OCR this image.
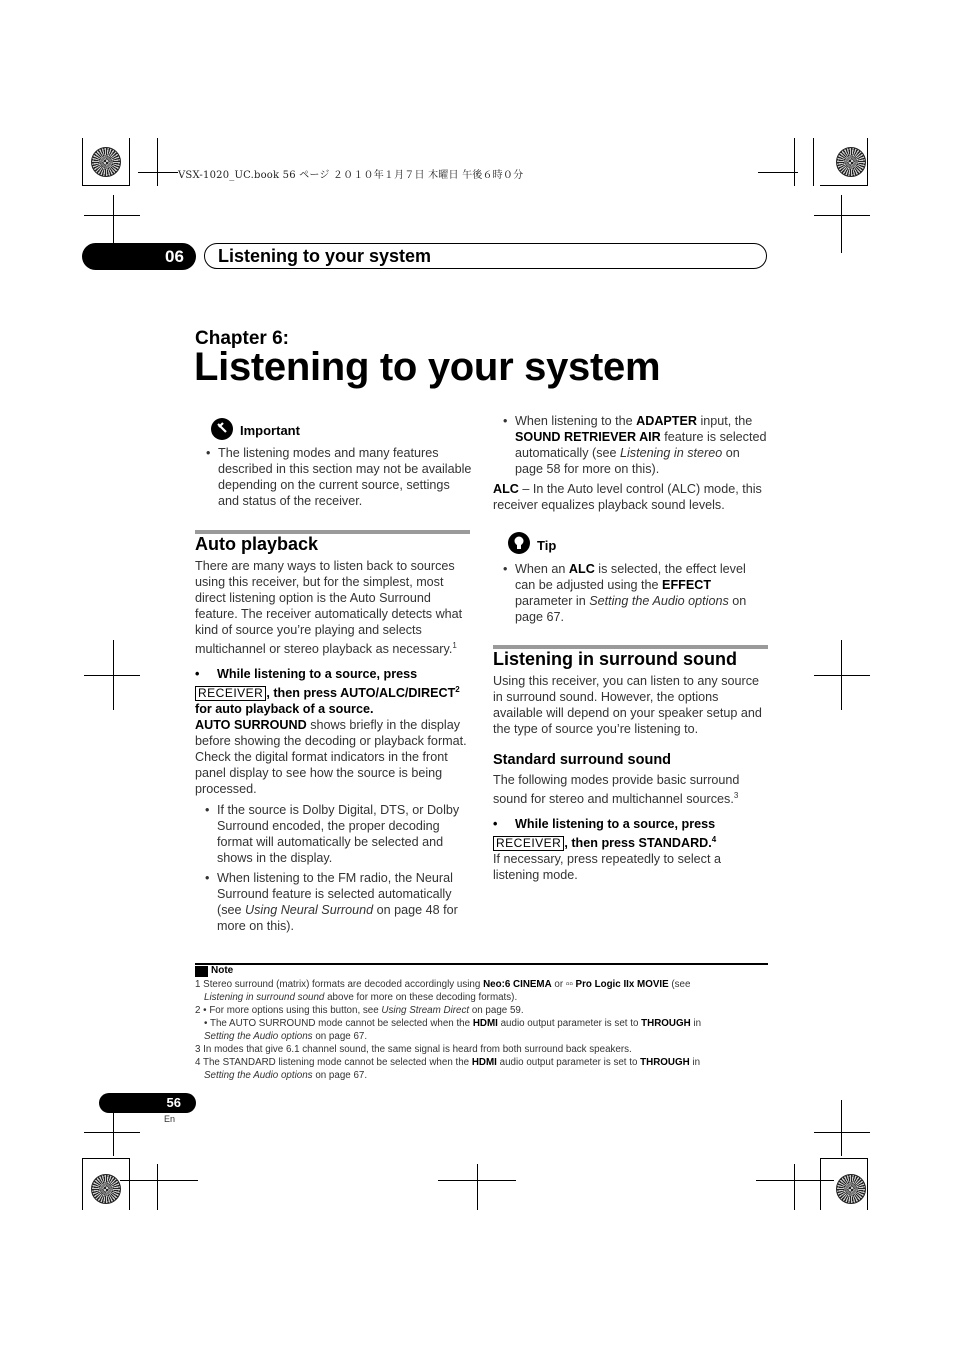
VSX-1020_UC.book 56 ページ ２０１０年１月７日 木曜日 午後６時０分
06	Listening to your system
Chapter 6:
Listening to your system
Important

• The listening modes and many features described in this section may not be available depending on the current source, settings and status of the receiver.

Auto playback

There are many ways to listen back to sources using this receiver, but for the simplest, most direct listening option is the Auto Surround feature. The receiver automatically detects what kind of source you’re playing and selects multichannel or stereo playback as necessary.$^1$

• While listening to a source, press

RECEIVER , then press AUTO/ALC/DIRECT$^2$

for auto playback of a source.

AUTO SURROUND shows briefly in the display before showing the decoding or playback format. Check the digital format indicators in the front panel display to see how the source is being processed.

• If the source is Dolby Digital, DTS, or Dolby Surround encoded, the proper decoding format will automatically be selected and shows in the display.

• When listening to the FM radio, the Neural Surround feature is selected automatically (see Using Neural Surround on page 48 for more on this).

• When listening to the ADAPTER input, the SOUND RETRIEVER AIR feature is selected automatically (see Listening in stereo on page 58 for more on this).

ALC – In the Auto level control (ALC) mode, this receiver equalizes playback sound levels.

Tip

• When an ALC is selected, the effect level can be adjusted using the EFFECT parameter in Setting the Audio options on page 67.

Listening in surround sound

Using this receiver, you can listen to any source in surround sound. However, the options available will depend on your speaker setup and the type of source you’re listening to.

Standard surround sound

The following modes provide basic surround sound for stereo and multichannel sources.$^3$

• While listening to a source, press

RECEIVER , then press STANDARD.$^4$

If necessary, press repeatedly to select a listening mode.

Note

1 Stereo surround (matrix) formats are decoded accordingly using Neo:6 CINEMA or ▫▫ Pro Logic IIx MOVIE (see

Listening in surround sound above for more on these decoding formats).

2 • For more options using this button, see Using Stream Direct on page 59.

• The AUTO SURROUND mode cannot be selected when the HDMI audio output parameter is set to THROUGH in

Setting the Audio options on page 67.

3 In modes that give 6.1 channel sound, the same signal is heard from both surround back speakers.

4 The STANDARD listening mode cannot be selected when the HDMI audio output parameter is set to THROUGH in

Setting the Audio options on page 67.

56
En
